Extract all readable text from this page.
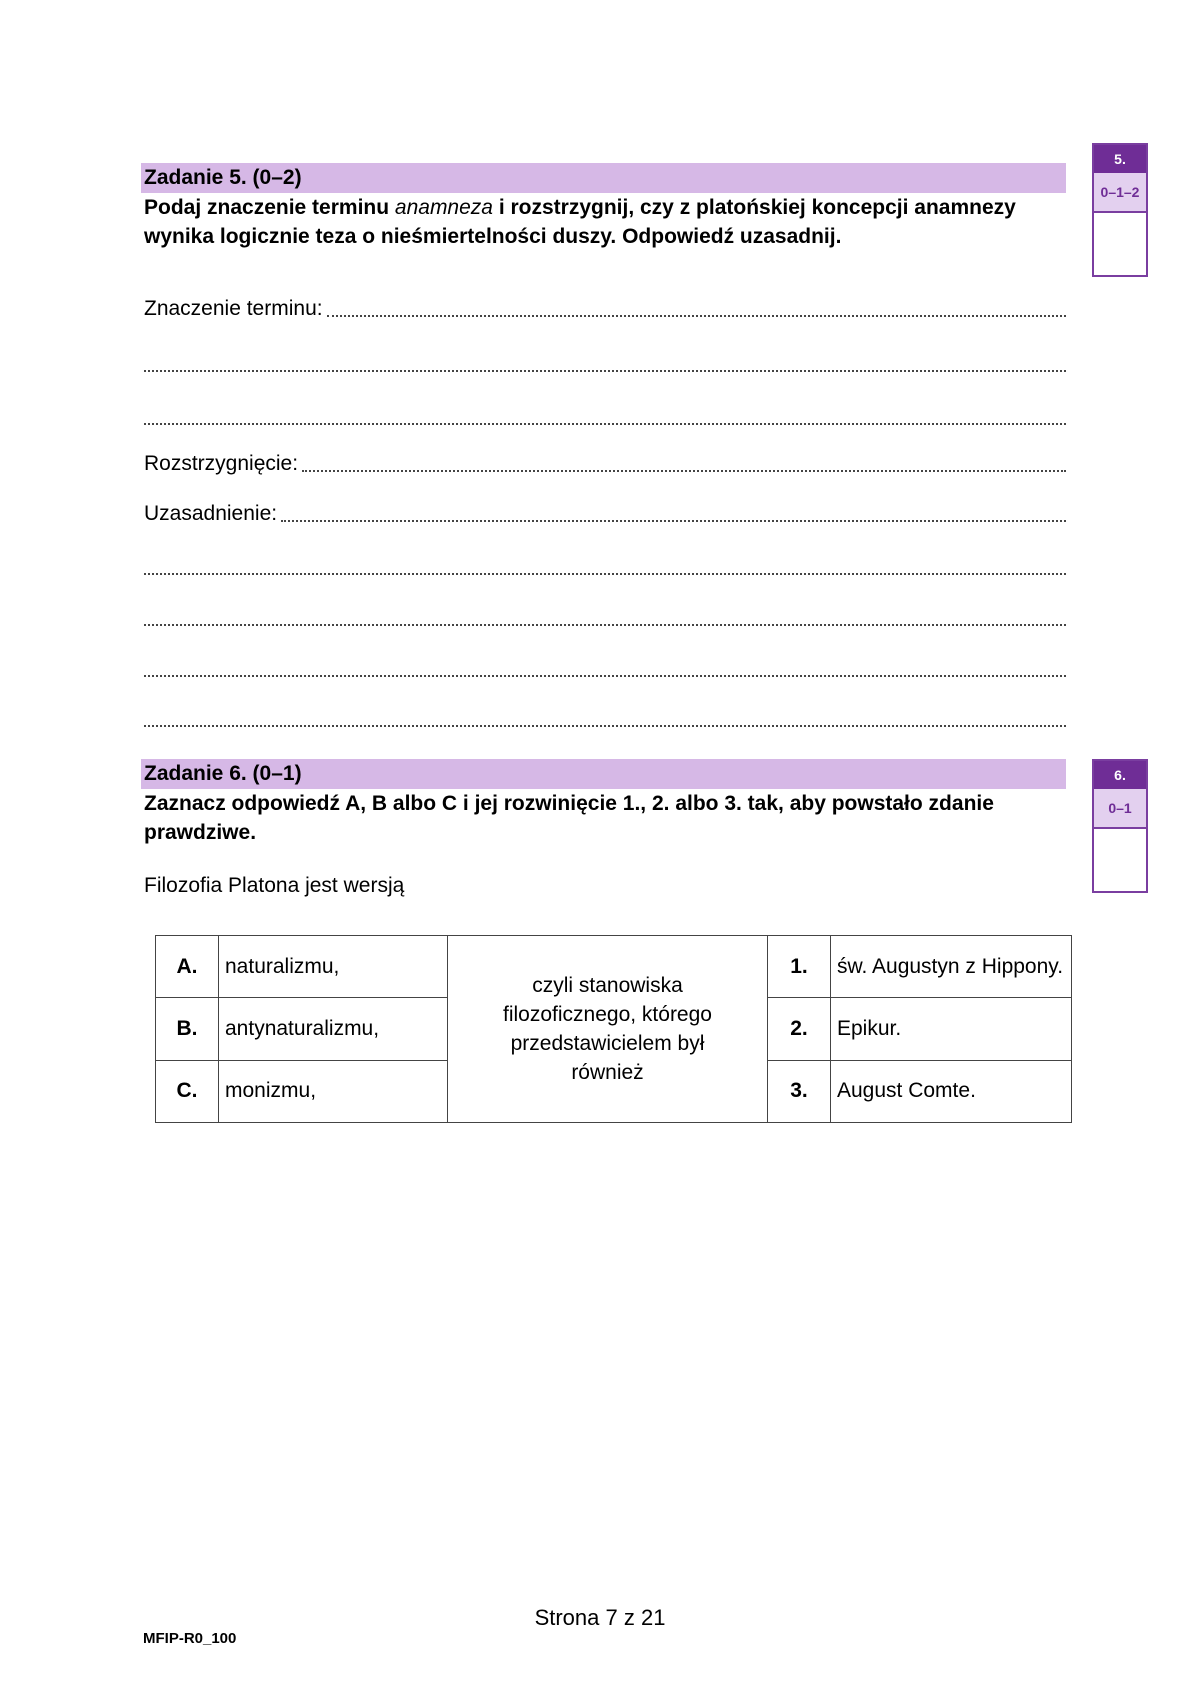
Zadanie 5. (0–2)
Podaj znaczenie terminu anamneza i rozstrzygnij, czy z platońskiej koncepcji anamnezy wynika logicznie teza o nieśmiertelności duszy. Odpowiedź uzasadnij.
Znaczenie terminu:
Rozstrzygnięcie:
Uzasadnienie:
5.
0–1–2
Zadanie 6. (0–1)
Zaznacz odpowiedź A, B albo C i jej rozwinięcie 1., 2. albo 3. tak, aby powstało zdanie prawdziwe.
6.
0–1
Filozofia Platona jest wersją
A.	naturalizmu,	czyli stanowiska filozoficznego, którego przedstawicielem był również	1.	św. Augustyn z Hippony.
B.	antynaturalizmu,		2.	Epikur.
C.	monizmu,		3.	August Comte.
Strona 7 z 21
MFIP-R0_100
